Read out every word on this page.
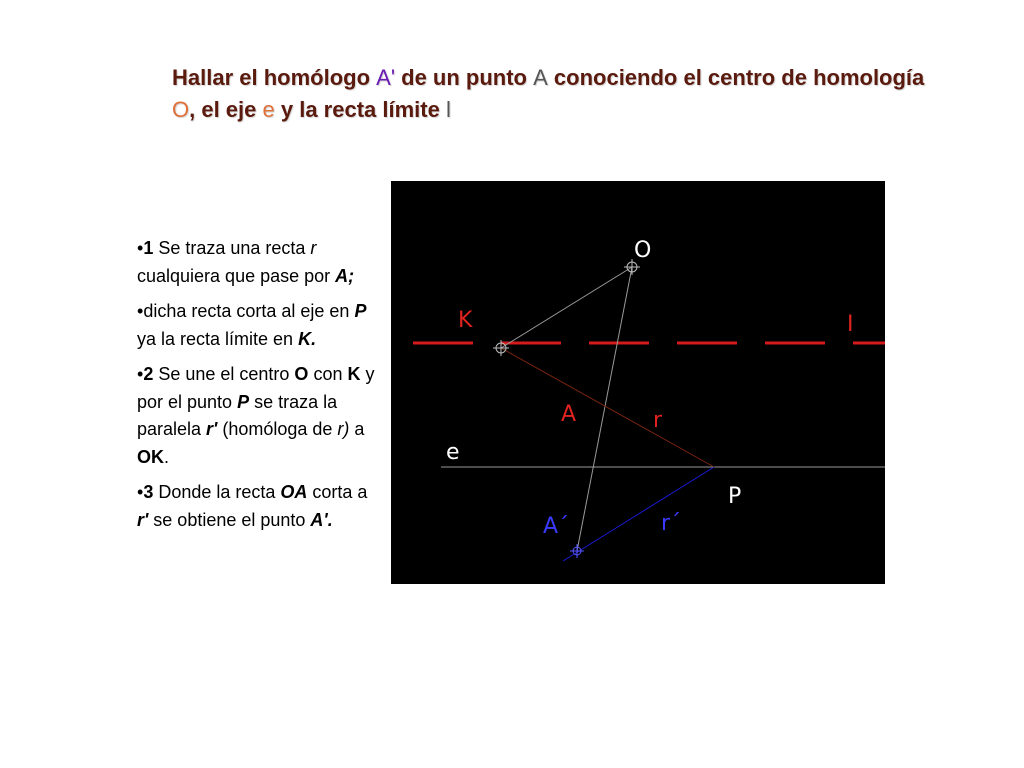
Hallar el homólogo A' de un punto A conociendo el centro de homología O, el eje e y la recta límite l

•1 Se traza una recta r cualquiera que pase por A;

•dicha recta corta al eje en P ya la recta límite en K.

•2 Se une el centro O con K y por el punto P se traza la paralela r' (homóloga de r) a OK.

•3 Donde la recta OA corta a r' se obtiene el punto A'.

O
K	I
A	r
e
P
A´	r´
